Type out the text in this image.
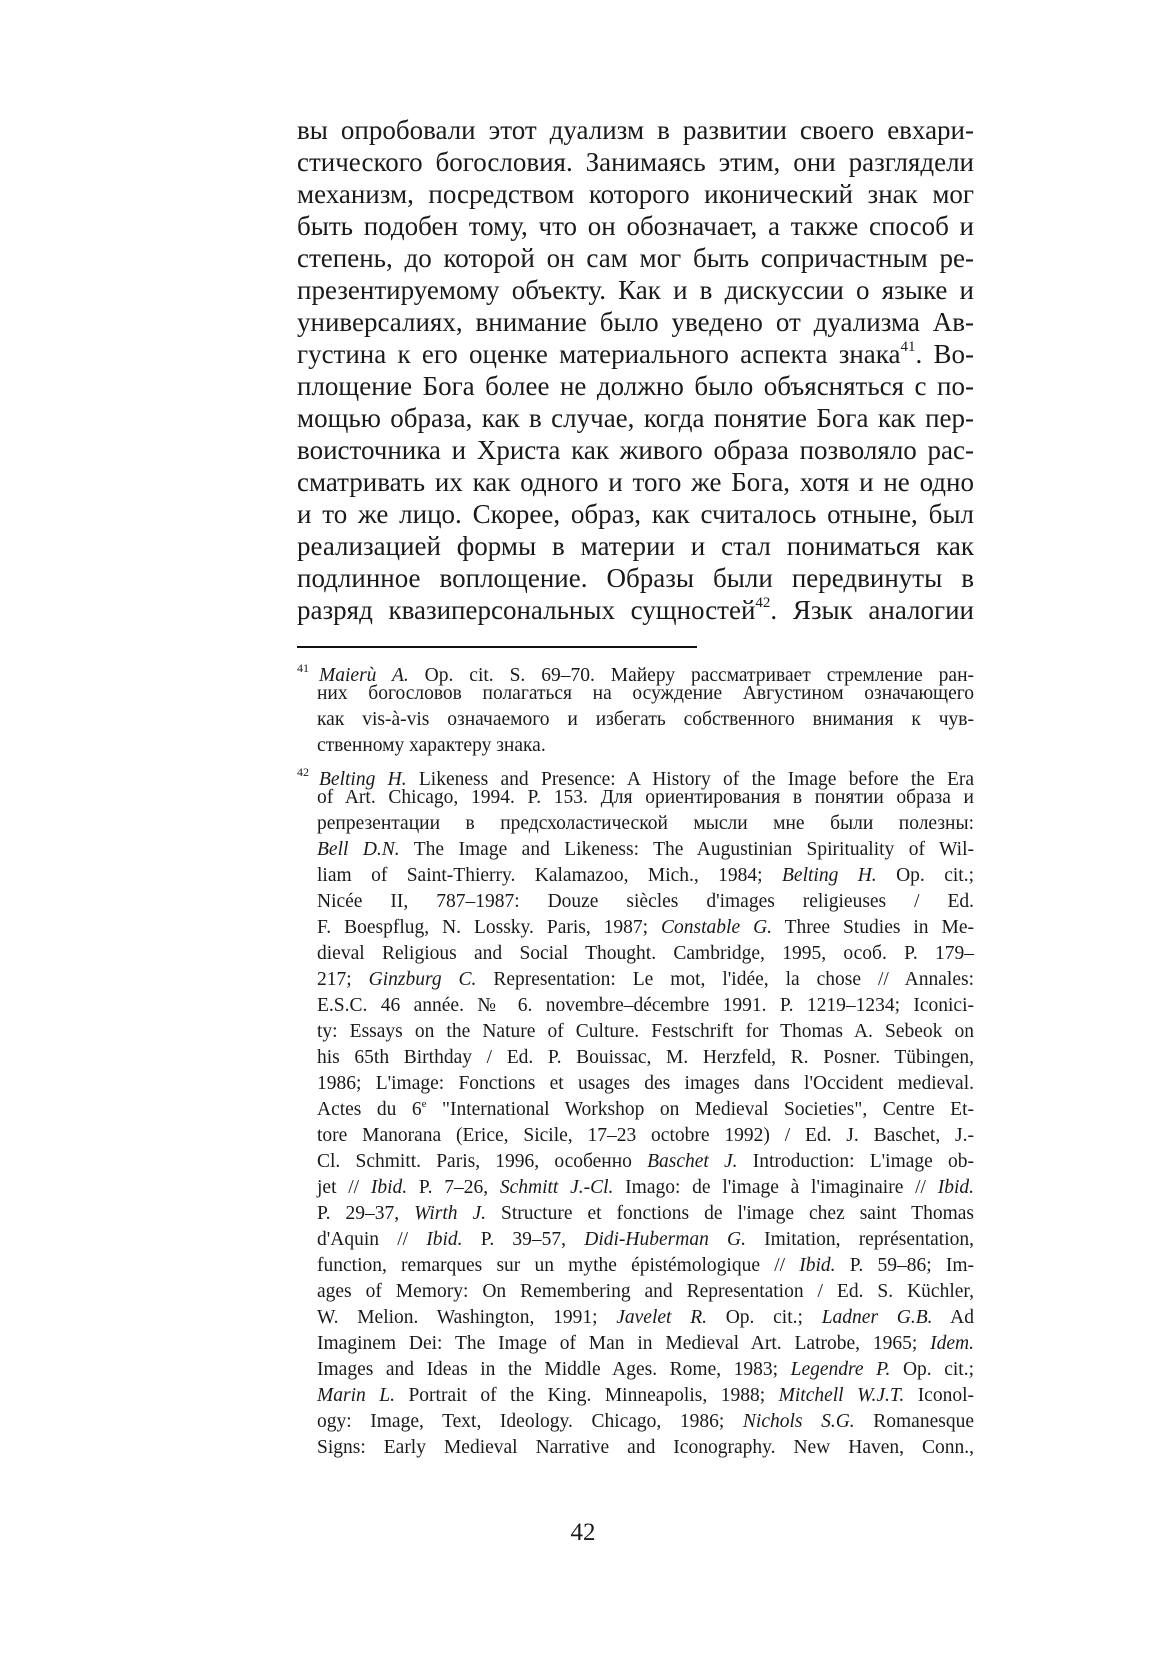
вы опробовали этот дуализм в развитии своего евхари-
стического богословия. Занимаясь этим, они разглядели
механизм, посредством которого иконический знак мог
быть подобен тому, что он обозначает, а также способ и
степень, до которой он сам мог быть сопричастным ре-
презентируемому объекту. Как и в дискуссии о языке и
универсалиях, внимание было уведено от дуализма Ав-
густина к его оценке материального аспекта знака$^{41}$. Во-
площение Бога более не должно было объясняться с по-
мощью образа, как в случае, когда понятие Бога как пер-
воисточника и Христа как живого образа позволяло рас-
сматривать их как одного и того же Бога, хотя и не одно
и то же лицо. Скорее, образ, как считалось отныне, был
реализацией формы в материи и стал пониматься как
подлинное воплощение. Образы были передвинуты в
разряд квазиперсональных сущностей$^{42}$. Язык аналогии
$^{41}$ Maierù A. Op. cit. S. 69–70. Майеру рассматривает стремление ран-
них богословов полагаться на осуждение Августином означающего
как vis-à-vis означаемого и избегать собственного внимания к чув-
ственному характеру знака.
$^{42}$ Belting H. Likeness and Presence: A History of the Image before the Era
of Art. Chicago, 1994. P. 153. Для ориентирования в понятии образа и
репрезентации в предсхоластической мысли мне были полезны:
Bell D.N. The Image and Likeness: The Augustinian Spirituality of Wil-
liam of Saint-Thierry. Kalamazoo, Mich., 1984; Belting H. Op. cit.;
Nicée II, 787–1987: Douze siècles d'images religieuses / Ed.
F. Boespflug, N. Lossky. Paris, 1987; Constable G. Three Studies in Me-
dieval Religious and Social Thought. Cambridge, 1995, особ. P. 179–
217; Ginzburg C. Representation: Le mot, l'idée, la chose // Annales:
E.S.C. 46 année. № 6. novembre–décembre 1991. P. 1219–1234; Iconici-
ty: Essays on the Nature of Culture. Festschrift for Thomas A. Sebeok on
his 65th Birthday / Ed. P. Bouissac, M. Herzfeld, R. Posner. Tübingen,
1986; L'image: Fonctions et usages des images dans l'Occident medieval.
Actes du 6e "International Workshop on Medieval Societies", Centre Et-
tore Manorana (Erice, Sicile, 17–23 octobre 1992) / Ed. J. Baschet, J.-
Cl. Schmitt. Paris, 1996, особенно Baschet J. Introduction: L'image ob-
jet // Ibid. P. 7–26, Schmitt J.-Cl. Imago: de l'image à l'imaginaire // Ibid.
P. 29–37, Wirth J. Structure et fonctions de l'image chez saint Thomas
d'Aquin // Ibid. P. 39–57, Didi-Huberman G. Imitation, représentation,
function, remarques sur un mythe épistémologique // Ibid. P. 59–86; Im-
ages of Memory: On Remembering and Representation / Ed. S. Küchler,
W. Melion. Washington, 1991; Javelet R. Op. cit.; Ladner G.B. Ad
Imaginem Dei: The Image of Man in Medieval Art. Latrobe, 1965; Idem.
Images and Ideas in the Middle Ages. Rome, 1983; Legendre P. Op. cit.;
Marin L. Portrait of the King. Minneapolis, 1988; Mitchell W.J.T. Iconol-
ogy: Image, Text, Ideology. Chicago, 1986; Nichols S.G. Romanesque
Signs: Early Medieval Narrative and Iconography. New Haven, Conn.,
42
